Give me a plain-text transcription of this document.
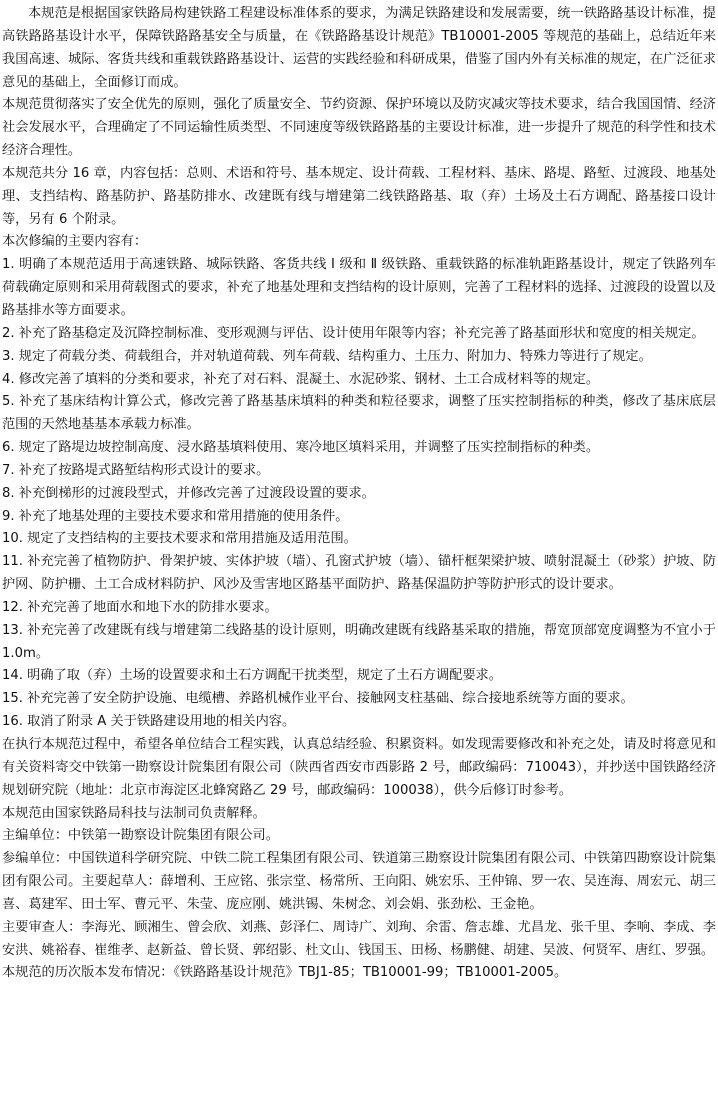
本规范是根据国家铁路局构建铁路工程建设标准体系的要求，为满足铁路建设和发展需要，统一铁路路基设计标准，提高铁路路基设计水平，保障铁路路基安全与质量，在《铁路路基设计规范》TB10001-2005 等规范的基础上，总结近年来我国高速、城际、客货共线和重载铁路路基设计、运营的实践经验和科研成果，借鉴了国内外有关标准的规定，在广泛征求意见的基础上，全面修订而成。

本规范贯彻落实了安全优先的原则，强化了质量安全、节约资源、保护环境以及防灾减灾等技术要求，结合我国国情、经济社会发展水平，合理确定了不同运输性质类型、不同速度等级铁路路基的主要设计标准，进一步提升了规范的科学性和技术经济合理性。

本规范共分 16 章，内容包括：总则、术语和符号、基本规定、设计荷载、工程材料、基床、路堤、路堑、过渡段、地基处理、支挡结构、路基防护、路基防排水、改建既有线与增建第二线铁路路基、取（弃）土场及土石方调配、路基接口设计等，另有 6 个附录。

本次修编的主要内容有：

1. 明确了本规范适用于高速铁路、城际铁路、客货共线 Ⅰ 级和 Ⅱ 级铁路、重载铁路的标准轨距路基设计，规定了铁路列车荷载确定原则和采用荷载图式的要求，补充了地基处理和支挡结构的设计原则，完善了工程材料的选择、过渡段的设置以及路基排水等方面要求。

2. 补充了路基稳定及沉降控制标准、变形观测与评估、设计使用年限等内容；补充完善了路基面形状和宽度的相关规定。

3. 规定了荷载分类、荷载组合，并对轨道荷载、列车荷载、结构重力、土压力、附加力、特殊力等进行了规定。

4. 修改完善了填料的分类和要求，补充了对石料、混凝土、水泥砂浆、钢材、土工合成材料等的规定。

5. 补充了基床结构计算公式，修改完善了路基基床填料的种类和粒径要求，调整了压实控制指标的种类，修改了基床底层范围的天然地基基本承载力标准。

6. 规定了路堤边坡控制高度、浸水路基填料使用、寒冷地区填料采用，并调整了压实控制指标的种类。

7. 补充了按路堤式路堑结构形式设计的要求。

8. 补充倒梯形的过渡段型式，并修改完善了过渡段设置的要求。

9. 补充了地基处理的主要技术要求和常用措施的使用条件。

10. 规定了支挡结构的主要技术要求和常用措施及适用范围。

11. 补充完善了植物防护、骨架护坡、实体护坡（墙）、孔窗式护坡（墙）、锚杆框架梁护坡、喷射混凝土（砂浆）护坡、防护网、防护栅、土工合成材料防护、风沙及雪害地区路基平面防护、路基保温防护等防护形式的设计要求。

12. 补充完善了地面水和地下水的防排水要求。

13. 补充完善了改建既有线与增建第二线路基的设计原则，明确改建既有线路基采取的措施，帮宽顶部宽度调整为不宜小于 1.0m。

14. 明确了取（弃）土场的设置要求和土石方调配干扰类型，规定了土石方调配要求。

15. 补充完善了安全防护设施、电缆槽、养路机械作业平台、接触网支柱基础、综合接地系统等方面的要求。

16. 取消了附录 A 关于铁路建设用地的相关内容。

在执行本规范过程中，希望各单位结合工程实践，认真总结经验、积累资料。如发现需要修改和补充之处，请及时将意见和有关资料寄交中铁第一勘察设计院集团有限公司（陕西省西安市西影路 2 号，邮政编码：710043），并抄送中国铁路经济规划研究院（地址：北京市海淀区北蜂窝路乙 29 号，邮政编码：100038），供今后修订时参考。

本规范由国家铁路局科技与法制司负责解释。

主编单位：中铁第一勘察设计院集团有限公司。

参编单位：中国铁道科学研究院、中铁二院工程集团有限公司、铁道第三勘察设计院集团有限公司、中铁第四勘察设计院集团有限公司。主要起草人：薛增利、王应铭、张宗堂、杨常所、王向阳、姚宏乐、王仲锦、罗一农、吴连海、周宏元、胡三喜、葛建军、田士军、曹元平、朱莹、庞应刚、姚洪锡、朱树念、刘会娟、张劲松、王金艳。

主要审查人：李海光、顾湘生、曾会欣、刘燕、彭泽仁、周诗广、刘珣、余雷、詹志雄、尤昌龙、张千里、李响、李成、李安洪、姚裕春、崔维孝、赵新益、曾长贤、郭绍影、杜文山、钱国玉、田杨、杨鹏健、胡建、吴波、何贤军、唐红、罗强。

本规范的历次版本发布情况：《铁路路基设计规范》TBJ1-85；TB10001-99；TB10001-2005。
